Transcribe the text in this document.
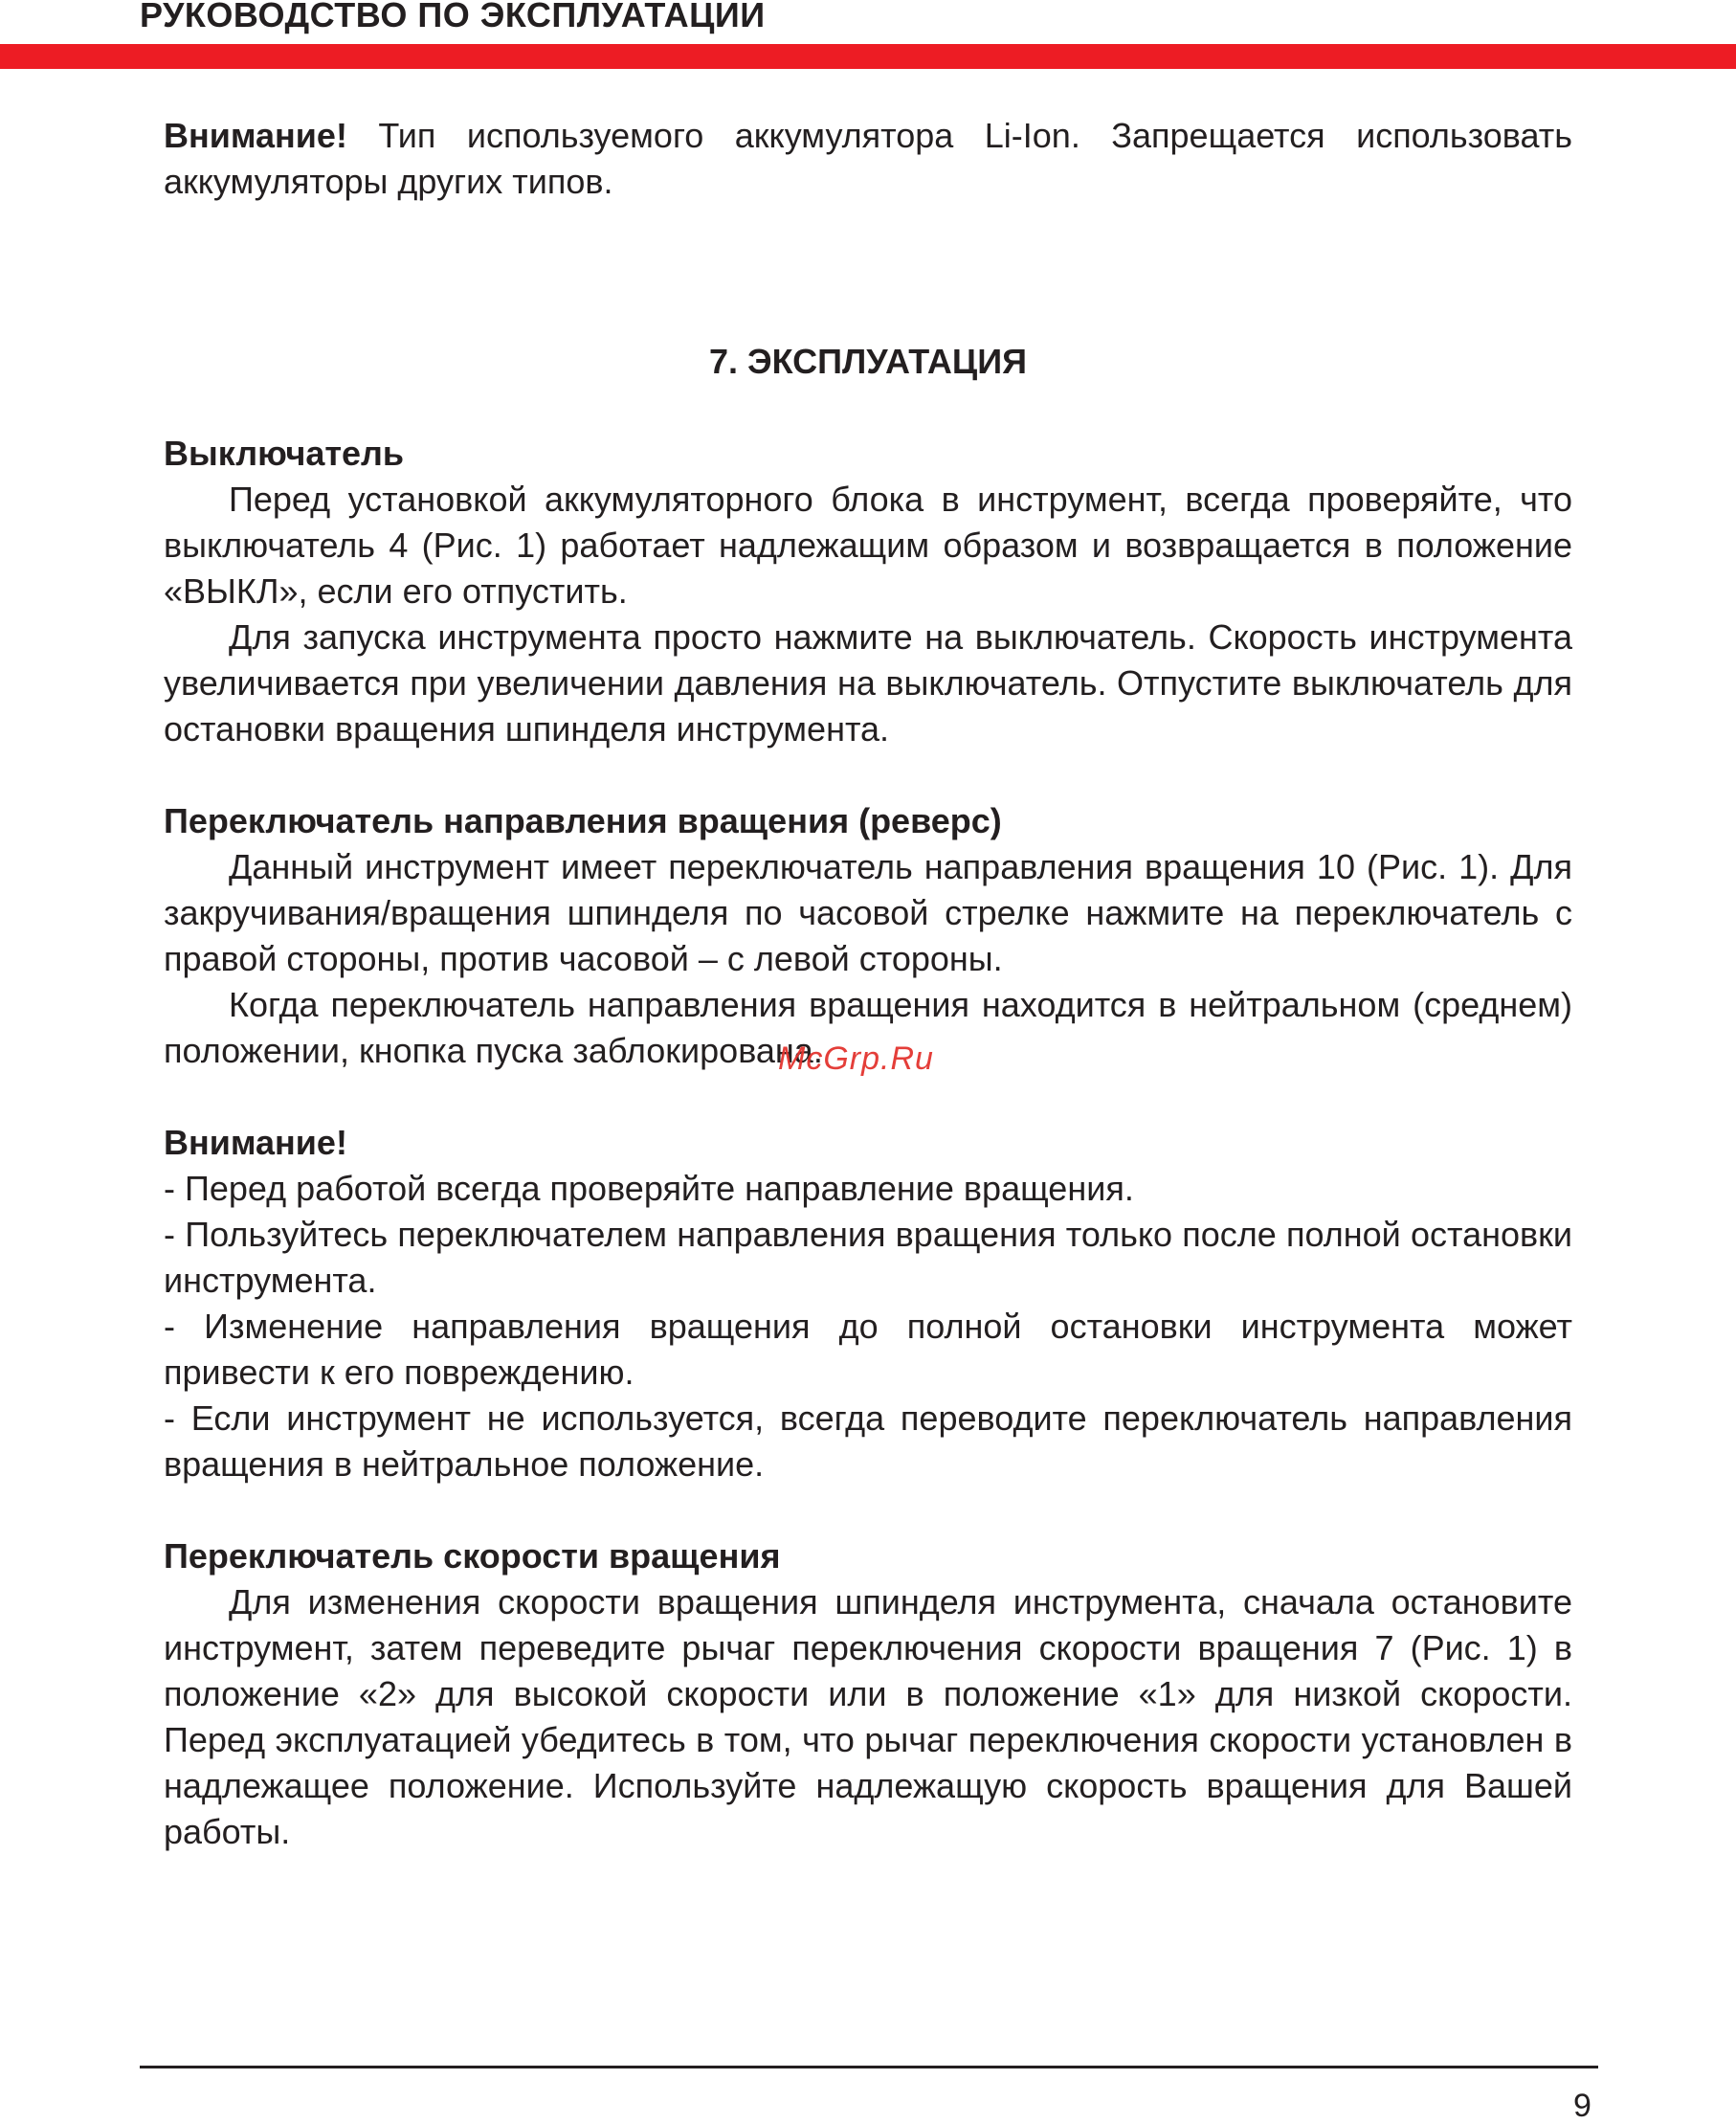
РУКОВОДСТВО ПО ЭКСПЛУАТАЦИИ

Внимание! Тип используемого аккумулятора Li-Ion. Запрещается использовать аккумуляторы других типов.

7. ЭКСПЛУАТАЦИЯ

Выключатель

Перед установкой аккумуляторного блока в инструмент, всегда проверяйте, что выключатель 4 (Рис. 1) работает надлежащим образом и возвращается в положение «ВЫКЛ», если его отпустить.

Для запуска инструмента просто нажмите на выключатель. Скорость инструмента увеличивается при увеличении давления на выключатель. Отпустите выключатель для остановки вращения шпинделя инструмента.

Переключатель направления вращения (реверс)

Данный инструмент имеет переключатель направления вращения 10 (Рис. 1). Для закручивания/вращения шпинделя по часовой стрелке нажмите на переключатель с правой стороны, против часовой – с левой стороны.

Когда переключатель направления вращения находится в нейтральном (среднем) положении, кнопка пуска заблокирована.

Внимание!

- Перед работой всегда проверяйте направление вращения.

- Пользуйтесь переключателем направления вращения только после полной остановки инструмента.

- Изменение направления вращения до полной остановки инструмента может привести к его повреждению.

- Если инструмент не используется, всегда переводите переключатель направления вращения в нейтральное положение.

Переключатель скорости вращения

Для изменения скорости вращения шпинделя инструмента, сначала остановите инструмент, затем переведите рычаг переключения скорости вращения 7 (Рис. 1) в положение «2» для высокой скорости или в положение «1» для низкой скорости. Перед эксплуатацией убедитесь в том, что рычаг переключения скорости установлен в надлежащее положение. Используйте надлежащую скорость вращения для Вашей работы.

McGrp.Ru
9
